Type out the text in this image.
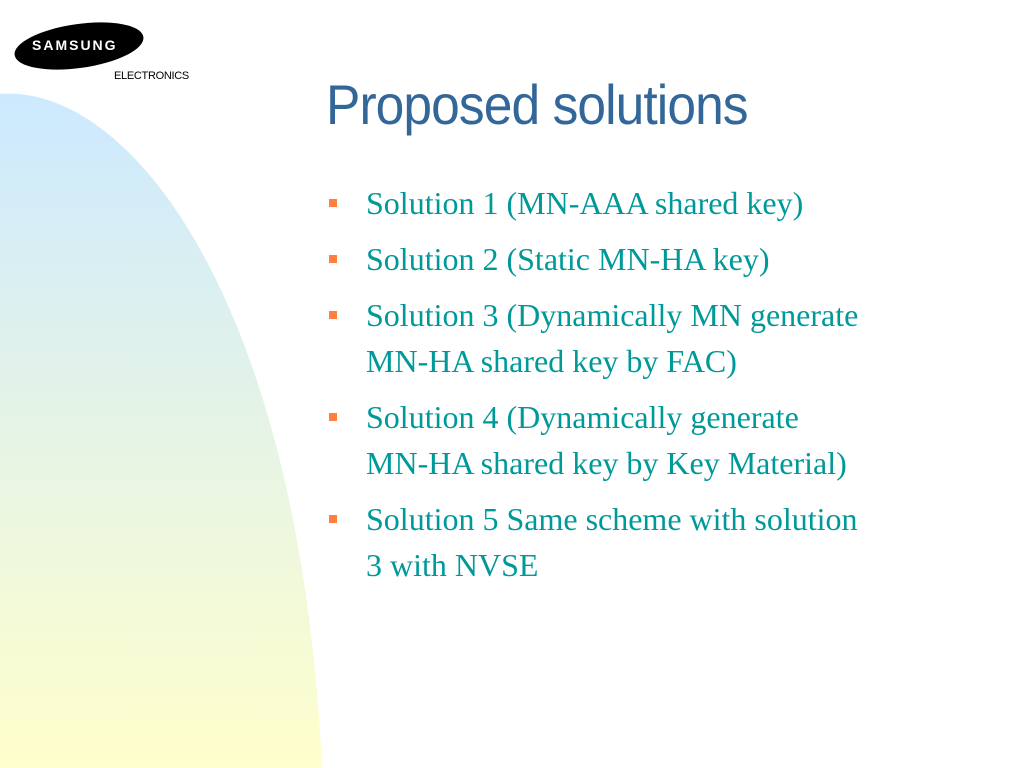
SAMSUNG
ELECTRONICS Proposed solutions
Solution 1 (MN-AAA shared key)
Solution 2 (Static MN-HA key)
Solution 3 (Dynamically MN generate
MN-HA shared key by FAC)
Solution 4 (Dynamically generate
MN-HA shared key by Key Material)
Solution 5 Same scheme with solution
3 with NVSE
